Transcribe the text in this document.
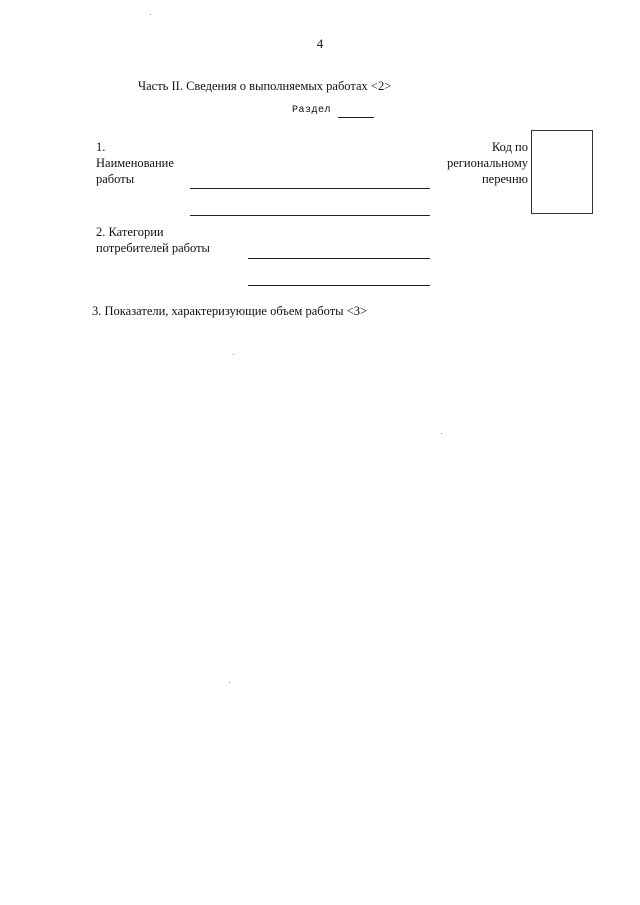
4
Часть II. Сведения о выполняемых работах <2>
Раздел
1.
Наименование
работы
Код по
региональному
перечню
2. Категории
потребителей работы
3. Показатели, характеризующие объем работы <3>
